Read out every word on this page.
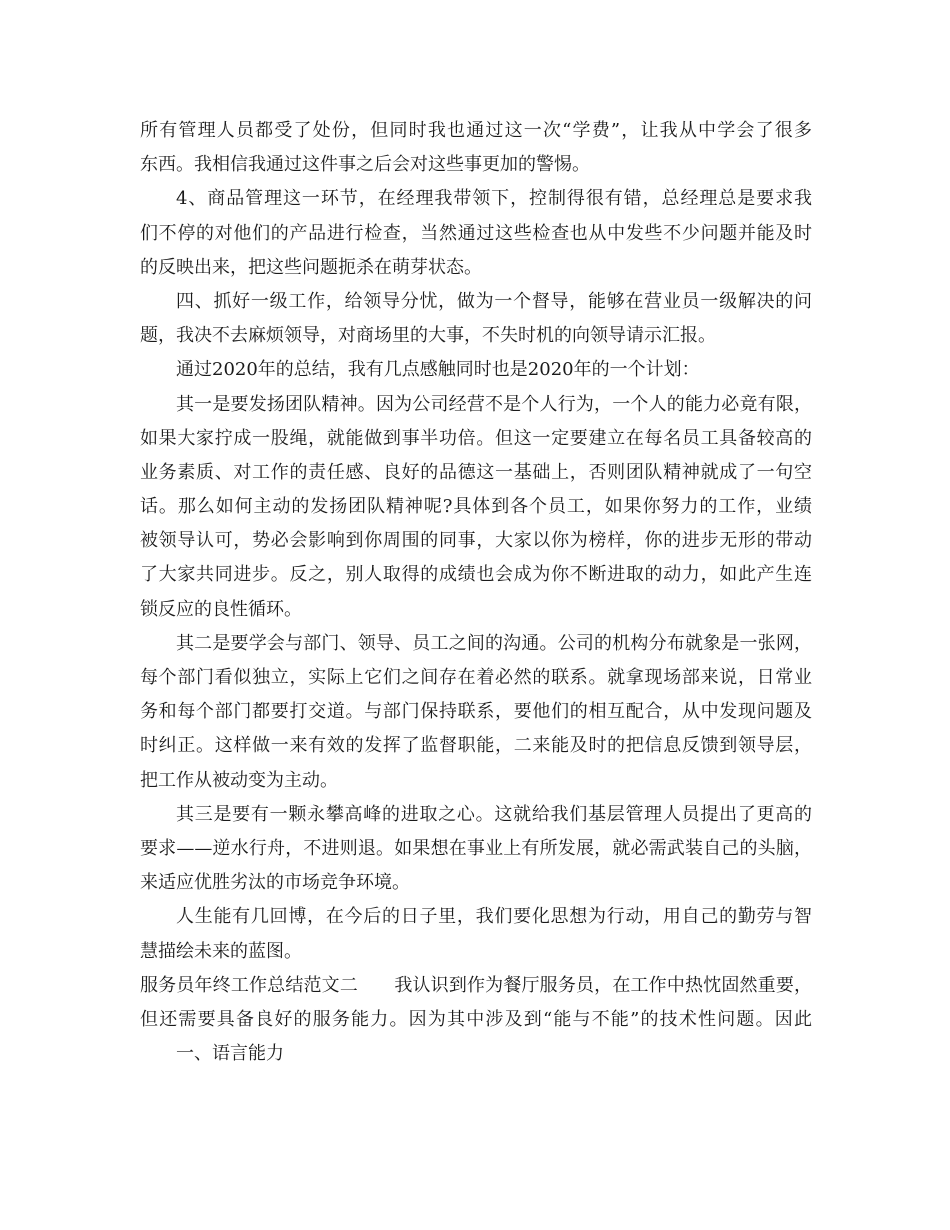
所有管理人员都受了处份，但同时我也通过这一次“学费”，让我从中学会了很多
东西。我相信我通过这件事之后会对这些事更加的警惕。
4、商品管理这一环节，在经理我带领下，控制得很有错，总经理总是要求我
们不停的对他们的产品进行检查，当然通过这些检查也从中发些不少问题并能及时
的反映出来，把这些问题扼杀在萌芽状态。
四、抓好一级工作，给领导分忧，做为一个督导，能够在营业员一级解决的问
题，我决不去麻烦领导，对商场里的大事，不失时机的向领导请示汇报。
通过2020年的总结，我有几点感触同时也是2020年的一个计划：
其一是要发扬团队精神。因为公司经营不是个人行为，一个人的能力必竟有限，
如果大家拧成一股绳，就能做到事半功倍。但这一定要建立在每名员工具备较高的
业务素质、对工作的责任感、良好的品德这一基础上，否则团队精神就成了一句空
话。那么如何主动的发扬团队精神呢?具体到各个员工，如果你努力的工作，业绩
被领导认可，势必会影响到你周围的同事，大家以你为榜样，你的进步无形的带动
了大家共同进步。反之，别人取得的成绩也会成为你不断进取的动力，如此产生连
锁反应的良性循环。
其二是要学会与部门、领导、员工之间的沟通。公司的机构分布就象是一张网，
每个部门看似独立，实际上它们之间存在着必然的联系。就拿现场部来说，日常业
务和每个部门都要打交道。与部门保持联系，要他们的相互配合，从中发现问题及
时纠正。这样做一来有效的发挥了监督职能，二来能及时的把信息反馈到领导层，
把工作从被动变为主动。
其三是要有一颗永攀高峰的进取之心。这就给我们基层管理人员提出了更高的
要求——逆水行舟，不进则退。如果想在事业上有所发展，就必需武装自己的头脑，
来适应优胜劣汰的市场竞争环境。
人生能有几回博，在今后的日子里，我们要化思想为行动，用自己的勤劳与智
慧描绘未来的蓝图。
服务员年终工作总结范文二　　我认识到作为餐厅服务员，在工作中热忱固然重要，
但还需要具备良好的服务能力。因为其中涉及到“能与不能”的技术性问题。因此
一、语言能力
